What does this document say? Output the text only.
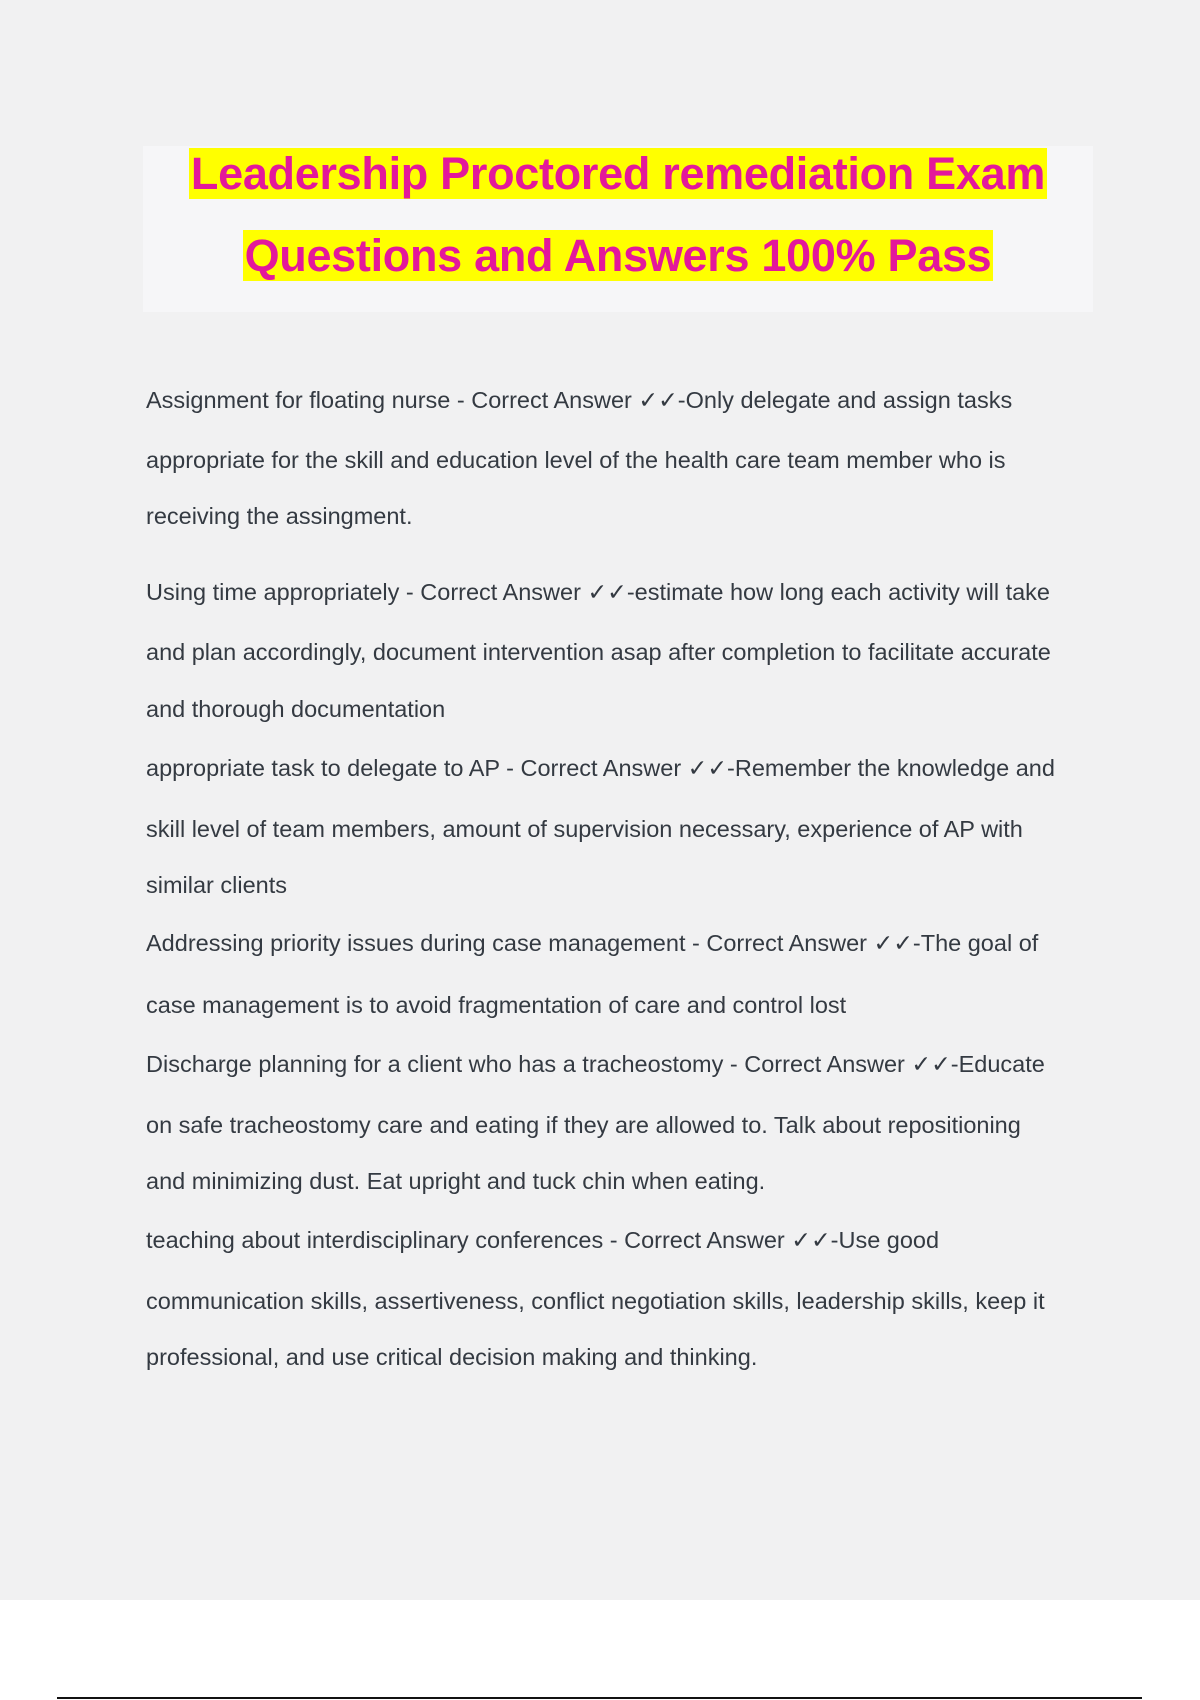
Leadership Proctored remediation Exam
Questions and Answers 100% Pass
Assignment for floating nurse - Correct Answer ✓✓-Only delegate and assign tasks
appropriate for the skill and education level of the health care team member who is
receiving the assingment.
Using time appropriately - Correct Answer ✓✓-estimate how long each activity will take
and plan accordingly, document intervention asap after completion to facilitate accurate
and thorough documentation
appropriate task to delegate to AP - Correct Answer ✓✓-Remember the knowledge and
skill level of team members, amount of supervision necessary, experience of AP with
similar clients
Addressing priority issues during case management - Correct Answer ✓✓-The goal of
case management is to avoid fragmentation of care and control lost
Discharge planning for a client who has a tracheostomy - Correct Answer ✓✓-Educate
on safe tracheostomy care and eating if they are allowed to. Talk about repositioning
and minimizing dust. Eat upright and tuck chin when eating.
teaching about interdisciplinary conferences - Correct Answer ✓✓-Use good
communication skills, assertiveness, conflict negotiation skills, leadership skills, keep it
professional, and use critical decision making and thinking.
